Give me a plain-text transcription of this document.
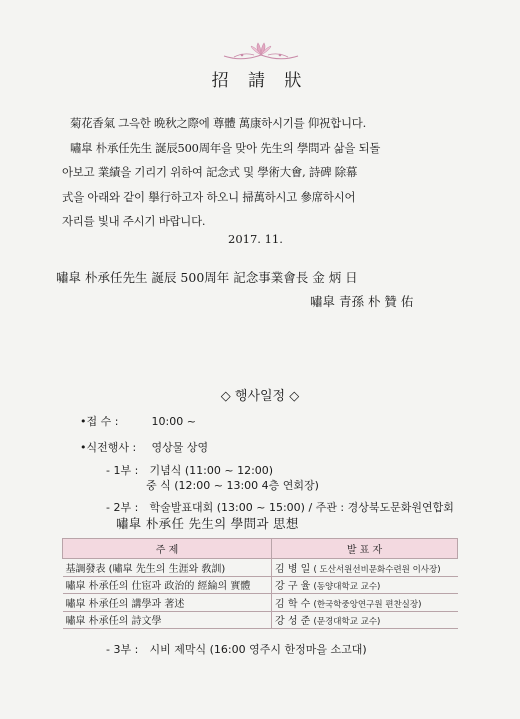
招 請 狀

菊花香氣 그윽한 晩秋之際에 尊體 萬康하시기를 仰祝합니다.

嘯皐 朴承任先生 誕辰500周年을 맞아 先生의 學問과 삶을 되돌

아보고 業績을 기리기 위하여 記念式 및 學術大會, 詩碑 除幕

式을 아래와 같이 擧行하고자 하오니 掃萬하시고 參席하시어

자리를 빛내 주시기 바랍니다.

2017. 11.
嘯皐 朴承任先生 誕辰 500周年 記念事業會長 金 炳 日
嘯皐 青孫 朴 贊 佑
◇ 행사일정 ◇
•접 수 :	10:00 ~
•식전행사 : 영상물 상영
- 1부 : 기념식 (11:00 ~ 12:00)
중 식 (12:00 ~ 13:00 4층 연회장)
- 2부 : 학술발표대회 (13:00 ~ 15:00) / 주관 : 경상북도문화원연합회
嘯皐 朴承任 先生의 學問과 思想
주 제	발 표 자
基調發表 (嘯皐 先生의 生涯와 敎訓)	김 병 일 ( 도산서원선비문화수련원 이사장)
嘯皐 朴承任의 仕宦과 政治的 經綸의 實體	강 구 율 (동양대학교 교수)
嘯皐 朴承任의 講學과 著述	김 학 수 (한국학중앙연구원 편찬실장)
嘯皐 朴承任의 詩文學	강 성 준 (문경대학교 교수)
- 3부 : 시비 제막식 (16:00 영주시 한정마을 소고대)
